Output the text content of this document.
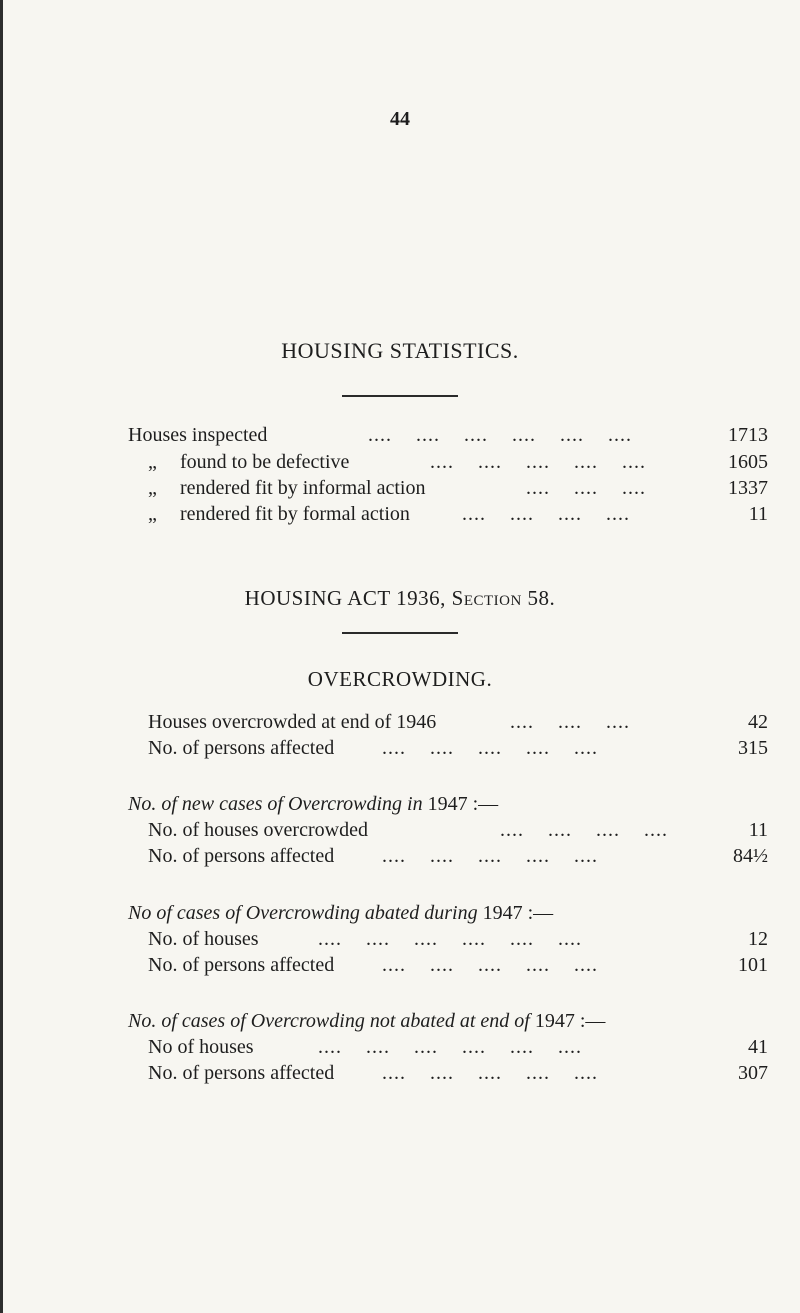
44
HOUSING STATISTICS.
Houses inspected	....    ....    ....    ....    ....    ....	1713
„ found to be defective	....    ....    ....    ....    ....	1605
„ rendered fit by informal action	....    ....    ....	1337
„ rendered fit by formal action	....    ....    ....    ....	11
HOUSING ACT 1936, Section 58.
OVERCROWDING.
Houses overcrowded at end of 1946	....    ....    ....	42
No. of persons affected ....    ....    ....    ....    ....	315
No. of new cases of Overcrowding in 1947 :—
No. of houses overcrowded	....    ....    ....    ....	11
No. of persons affected ....    ....    ....    ....    ....	84½
No of cases of Overcrowding abated during 1947 :—
No. of houses	....    ....    ....    ....    ....    ....	12
No. of persons affected ....    ....    ....    ....    ....	101
No. of cases of Overcrowding not abated at end of 1947 :—
No of houses	....    ....    ....    ....    ....    ....	41
No. of persons affected ....    ....    ....    ....    ....	307
